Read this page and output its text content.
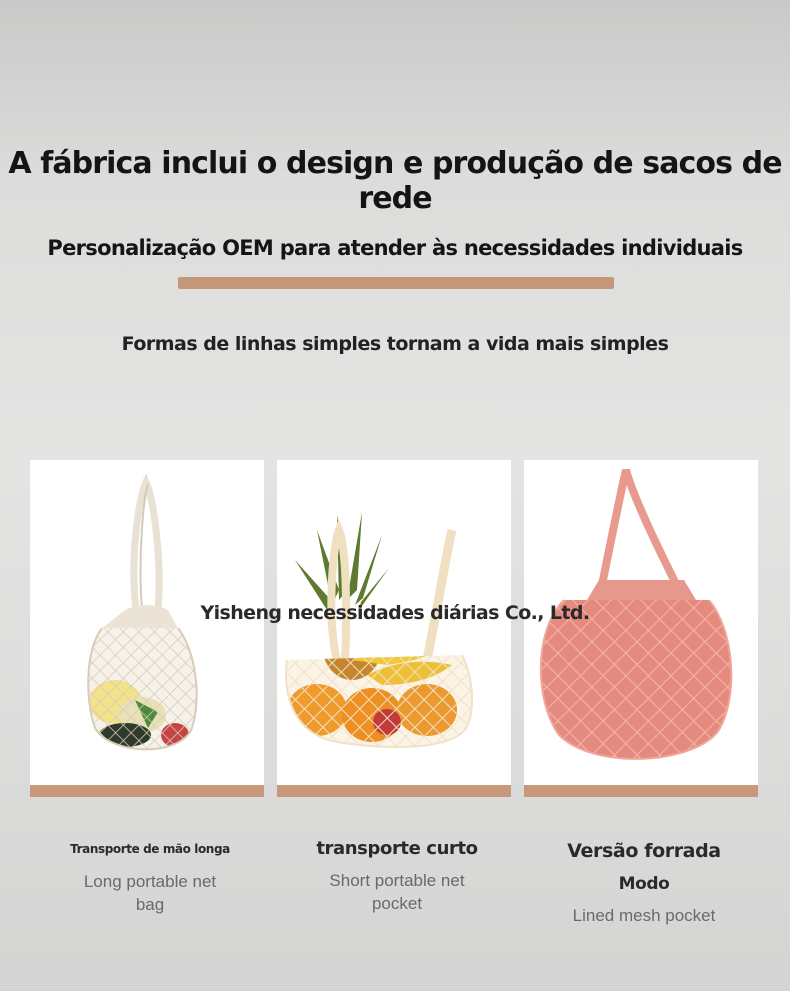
A fábrica inclui o design e produção de sacos de rede
Personalização OEM para atender às necessidades individuais
Formas de linhas simples tornam a vida mais simples
Yisheng necessidades diárias Co., Ltd.
Transporte de mão longa
Long portable net bag
transporte curto
Short portable net pocket
Versão forrada
Modo
Lined mesh pocket
